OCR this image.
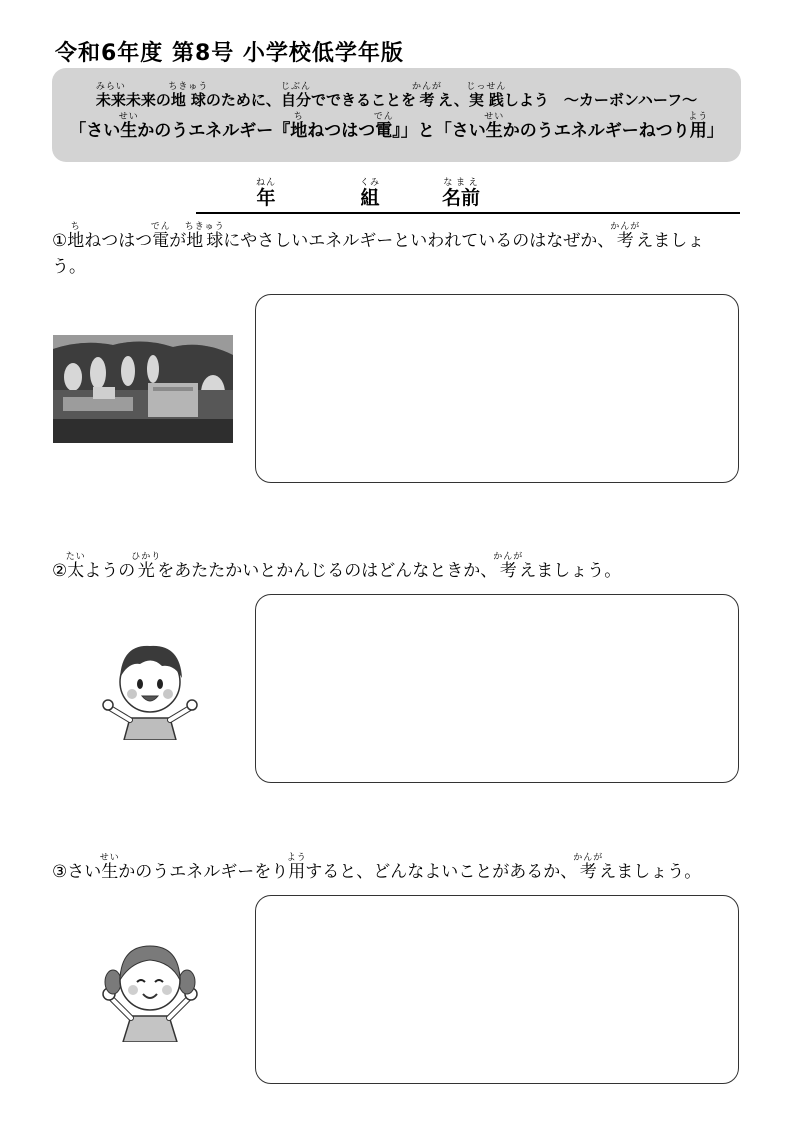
令和6年度 第8号 小学校低学年版
未来みらい未来の地球ちきゅうのために、自分じぶんでできることを考かんがえ、実践じっせんしよう　～カーボンハーフ～
「さい生せいかのうエネルギー『地ちねつはつ電でん』」と「さい生せいかのうエネルギーねつり用よう」
年ねん
組くみ
名前なまえ
①地ちねつはつ電でんが地球ちきゅうにやさしいエネルギーといわれているのはなぜか、考かんがえましょう。
②太たいようの光ひかりをあたたかいとかんじるのはどんなときか、考かんがえましょう。
③さい生せいかのうエネルギーをり用ようすると、どんなよいことがあるか、考かんがえましょう。
